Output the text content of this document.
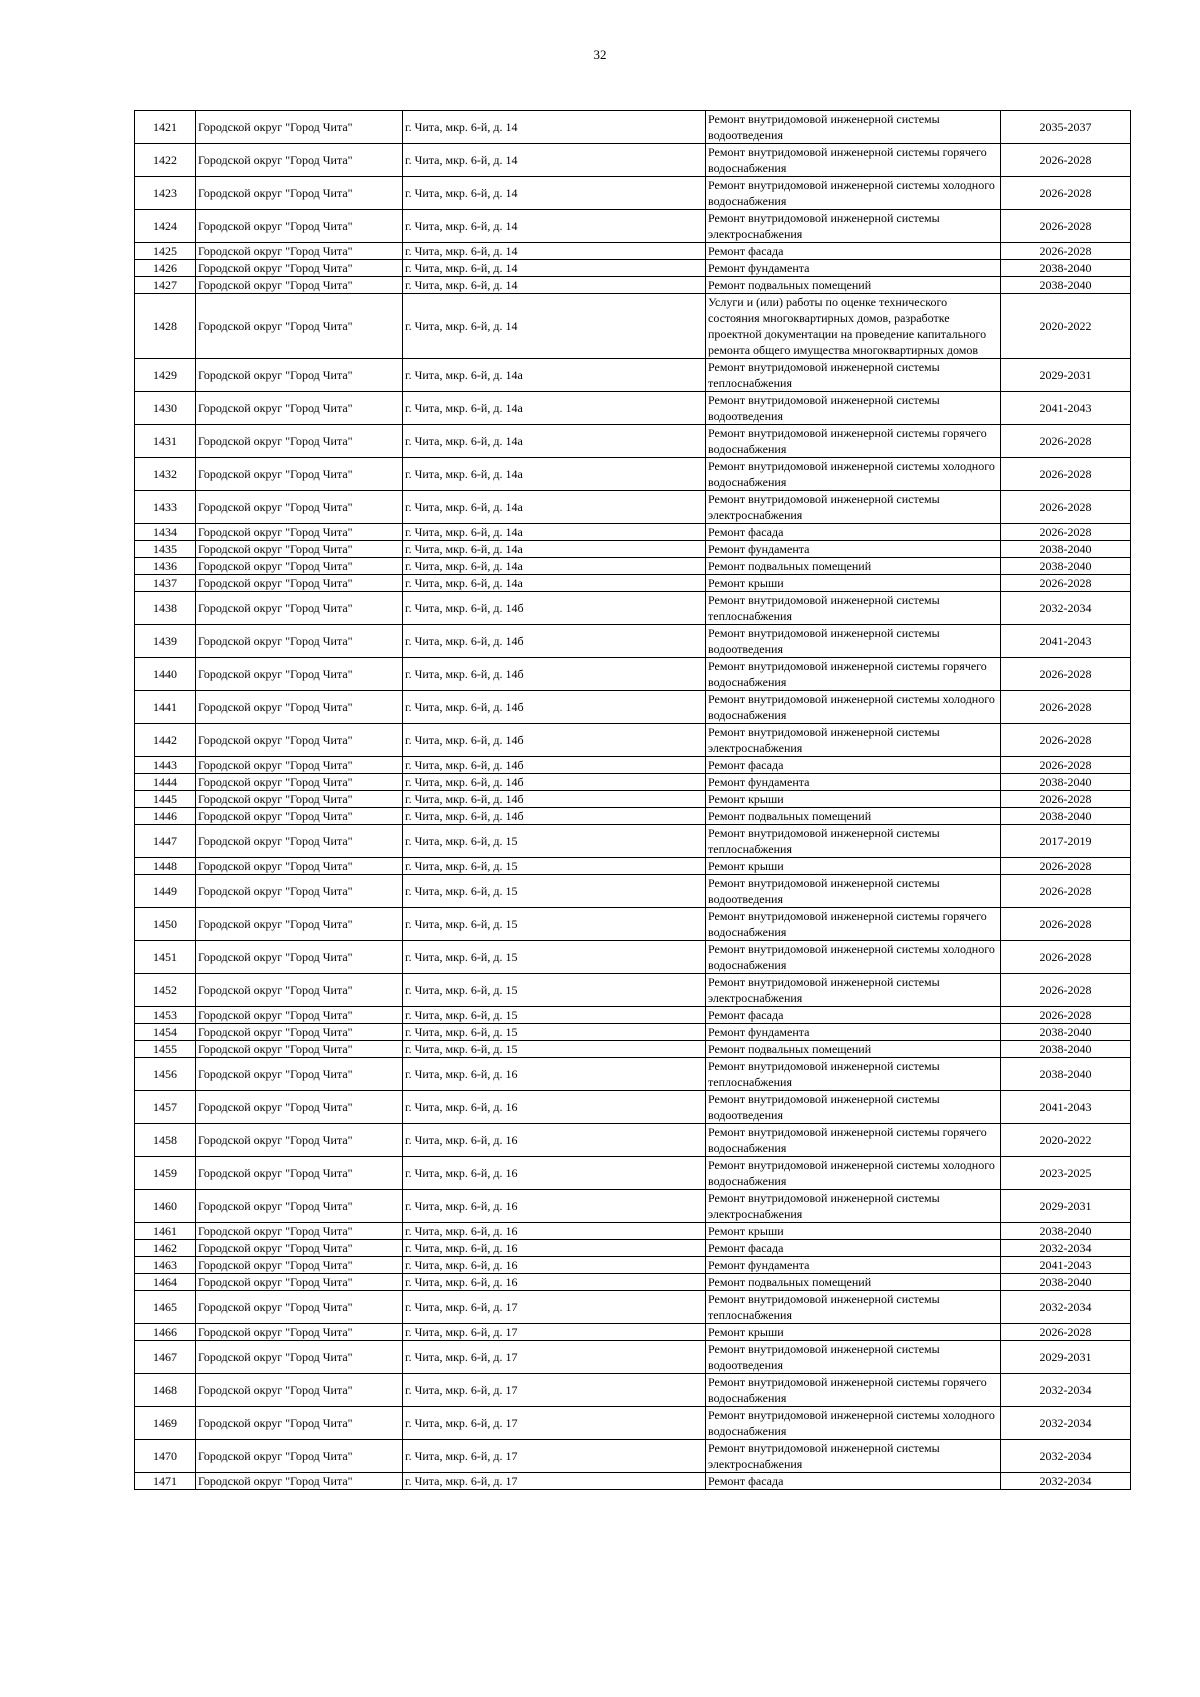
32
1421	Городской округ "Город Чита"	г. Чита, мкр. 6-й, д. 14	Ремонт внутридомовой инженерной системы водоотведения	2035-2037
1422	Городской округ "Город Чита"	г. Чита, мкр. 6-й, д. 14	Ремонт внутридомовой инженерной системы горячего водоснабжения	2026-2028
1423	Городской округ "Город Чита"	г. Чита, мкр. 6-й, д. 14	Ремонт внутридомовой инженерной системы холодного водоснабжения	2026-2028
1424	Городской округ "Город Чита"	г. Чита, мкр. 6-й, д. 14	Ремонт внутридомовой инженерной системы электроснабжения	2026-2028
1425	Городской округ "Город Чита"	г. Чита, мкр. 6-й, д. 14	Ремонт фасада	2026-2028
1426	Городской округ "Город Чита"	г. Чита, мкр. 6-й, д. 14	Ремонт фундамента	2038-2040
1427	Городской округ "Город Чита"	г. Чита, мкр. 6-й, д. 14	Ремонт подвальных помещений	2038-2040
1428	Городской округ "Город Чита"	г. Чита, мкр. 6-й, д. 14	Услуги и (или) работы по оценке технического состояния многоквартирных домов, разработке проектной документации на проведение капитального ремонта общего имущества многоквартирных домов	2020-2022
1429	Городской округ "Город Чита"	г. Чита, мкр. 6-й, д. 14а	Ремонт внутридомовой инженерной системы теплоснабжения	2029-2031
1430	Городской округ "Город Чита"	г. Чита, мкр. 6-й, д. 14а	Ремонт внутридомовой инженерной системы водоотведения	2041-2043
1431	Городской округ "Город Чита"	г. Чита, мкр. 6-й, д. 14а	Ремонт внутридомовой инженерной системы горячего водоснабжения	2026-2028
1432	Городской округ "Город Чита"	г. Чита, мкр. 6-й, д. 14а	Ремонт внутридомовой инженерной системы холодного водоснабжения	2026-2028
1433	Городской округ "Город Чита"	г. Чита, мкр. 6-й, д. 14а	Ремонт внутридомовой инженерной системы электроснабжения	2026-2028
1434	Городской округ "Город Чита"	г. Чита, мкр. 6-й, д. 14а	Ремонт фасада	2026-2028
1435	Городской округ "Город Чита"	г. Чита, мкр. 6-й, д. 14а	Ремонт фундамента	2038-2040
1436	Городской округ "Город Чита"	г. Чита, мкр. 6-й, д. 14а	Ремонт подвальных помещений	2038-2040
1437	Городской округ "Город Чита"	г. Чита, мкр. 6-й, д. 14а	Ремонт крыши	2026-2028
1438	Городской округ "Город Чита"	г. Чита, мкр. 6-й, д. 14б	Ремонт внутридомовой инженерной системы теплоснабжения	2032-2034
1439	Городской округ "Город Чита"	г. Чита, мкр. 6-й, д. 14б	Ремонт внутридомовой инженерной системы водоотведения	2041-2043
1440	Городской округ "Город Чита"	г. Чита, мкр. 6-й, д. 14б	Ремонт внутридомовой инженерной системы горячего водоснабжения	2026-2028
1441	Городской округ "Город Чита"	г. Чита, мкр. 6-й, д. 14б	Ремонт внутридомовой инженерной системы холодного водоснабжения	2026-2028
1442	Городской округ "Город Чита"	г. Чита, мкр. 6-й, д. 14б	Ремонт внутридомовой инженерной системы электроснабжения	2026-2028
1443	Городской округ "Город Чита"	г. Чита, мкр. 6-й, д. 14б	Ремонт фасада	2026-2028
1444	Городской округ "Город Чита"	г. Чита, мкр. 6-й, д. 14б	Ремонт фундамента	2038-2040
1445	Городской округ "Город Чита"	г. Чита, мкр. 6-й, д. 14б	Ремонт крыши	2026-2028
1446	Городской округ "Город Чита"	г. Чита, мкр. 6-й, д. 14б	Ремонт подвальных помещений	2038-2040
1447	Городской округ "Город Чита"	г. Чита, мкр. 6-й, д. 15	Ремонт внутридомовой инженерной системы теплоснабжения	2017-2019
1448	Городской округ "Город Чита"	г. Чита, мкр. 6-й, д. 15	Ремонт крыши	2026-2028
1449	Городской округ "Город Чита"	г. Чита, мкр. 6-й, д. 15	Ремонт внутридомовой инженерной системы водоотведения	2026-2028
1450	Городской округ "Город Чита"	г. Чита, мкр. 6-й, д. 15	Ремонт внутридомовой инженерной системы горячего водоснабжения	2026-2028
1451	Городской округ "Город Чита"	г. Чита, мкр. 6-й, д. 15	Ремонт внутридомовой инженерной системы холодного водоснабжения	2026-2028
1452	Городской округ "Город Чита"	г. Чита, мкр. 6-й, д. 15	Ремонт внутридомовой инженерной системы электроснабжения	2026-2028
1453	Городской округ "Город Чита"	г. Чита, мкр. 6-й, д. 15	Ремонт фасада	2026-2028
1454	Городской округ "Город Чита"	г. Чита, мкр. 6-й, д. 15	Ремонт фундамента	2038-2040
1455	Городской округ "Город Чита"	г. Чита, мкр. 6-й, д. 15	Ремонт подвальных помещений	2038-2040
1456	Городской округ "Город Чита"	г. Чита, мкр. 6-й, д. 16	Ремонт внутридомовой инженерной системы теплоснабжения	2038-2040
1457	Городской округ "Город Чита"	г. Чита, мкр. 6-й, д. 16	Ремонт внутридомовой инженерной системы водоотведения	2041-2043
1458	Городской округ "Город Чита"	г. Чита, мкр. 6-й, д. 16	Ремонт внутридомовой инженерной системы горячего водоснабжения	2020-2022
1459	Городской округ "Город Чита"	г. Чита, мкр. 6-й, д. 16	Ремонт внутридомовой инженерной системы холодного водоснабжения	2023-2025
1460	Городской округ "Город Чита"	г. Чита, мкр. 6-й, д. 16	Ремонт внутридомовой инженерной системы электроснабжения	2029-2031
1461	Городской округ "Город Чита"	г. Чита, мкр. 6-й, д. 16	Ремонт крыши	2038-2040
1462	Городской округ "Город Чита"	г. Чита, мкр. 6-й, д. 16	Ремонт фасада	2032-2034
1463	Городской округ "Город Чита"	г. Чита, мкр. 6-й, д. 16	Ремонт фундамента	2041-2043
1464	Городской округ "Город Чита"	г. Чита, мкр. 6-й, д. 16	Ремонт подвальных помещений	2038-2040
1465	Городской округ "Город Чита"	г. Чита, мкр. 6-й, д. 17	Ремонт внутридомовой инженерной системы теплоснабжения	2032-2034
1466	Городской округ "Город Чита"	г. Чита, мкр. 6-й, д. 17	Ремонт крыши	2026-2028
1467	Городской округ "Город Чита"	г. Чита, мкр. 6-й, д. 17	Ремонт внутридомовой инженерной системы водоотведения	2029-2031
1468	Городской округ "Город Чита"	г. Чита, мкр. 6-й, д. 17	Ремонт внутридомовой инженерной системы горячего водоснабжения	2032-2034
1469	Городской округ "Город Чита"	г. Чита, мкр. 6-й, д. 17	Ремонт внутридомовой инженерной системы холодного водоснабжения	2032-2034
1470	Городской округ "Город Чита"	г. Чита, мкр. 6-й, д. 17	Ремонт внутридомовой инженерной системы электроснабжения	2032-2034
1471	Городской округ "Город Чита"	г. Чита, мкр. 6-й, д. 17	Ремонт фасада	2032-2034
